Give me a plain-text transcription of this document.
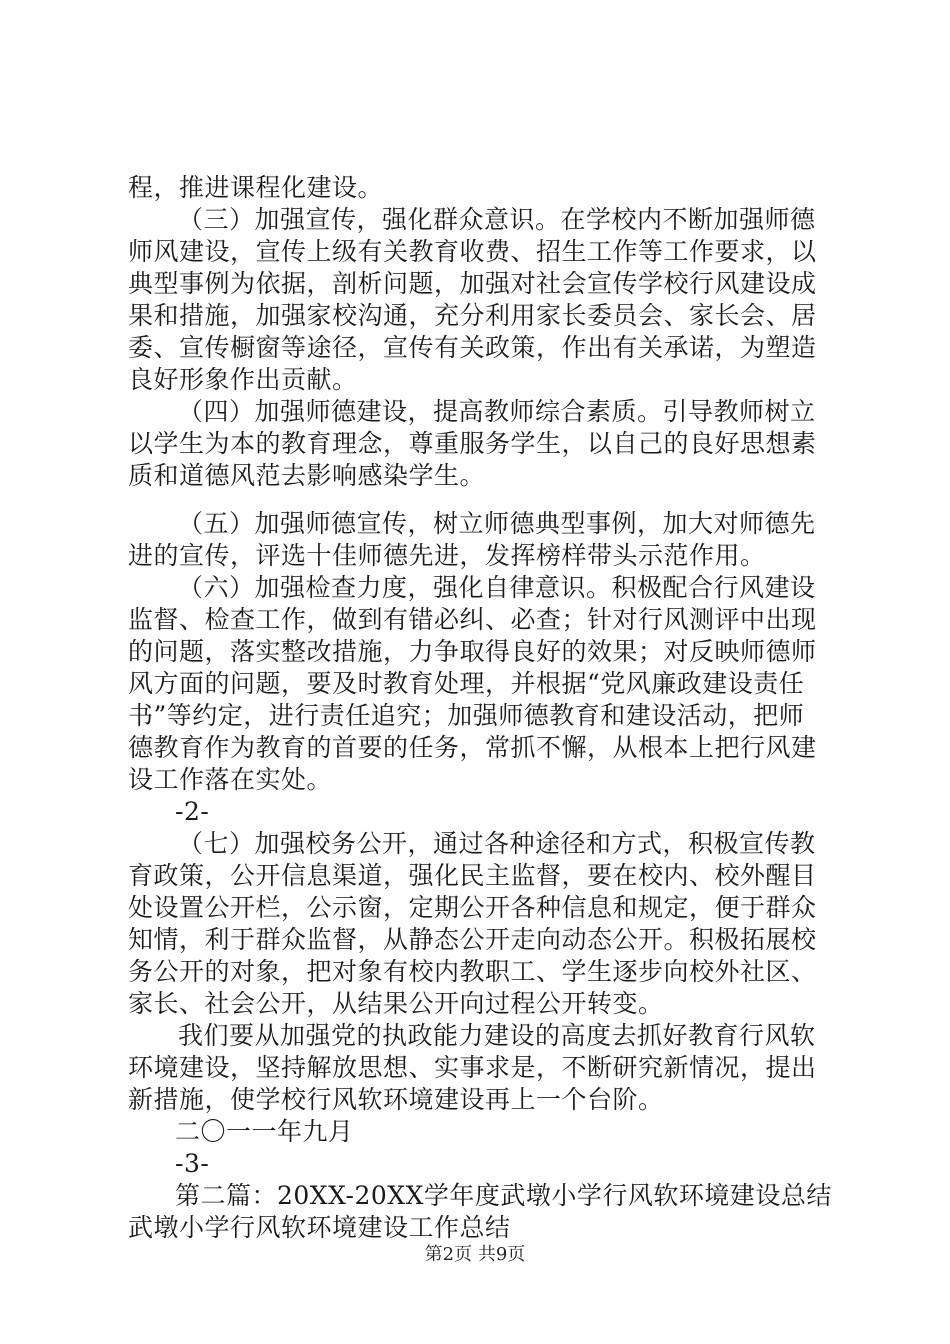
程，推进课程化建设。
（三）加强宣传，强化群众意识。在学校内不断加强师德
师风建设，宣传上级有关教育收费、招生工作等工作要求，以
典型事例为依据，剖析问题，加强对社会宣传学校行风建设成
果和措施，加强家校沟通，充分利用家长委员会、家长会、居
委、宣传橱窗等途径，宣传有关政策，作出有关承诺，为塑造
良好形象作出贡献。
（四）加强师德建设，提高教师综合素质。引导教师树立
以学生为本的教育理念，尊重服务学生，以自己的良好思想素
质和道德风范去影响感染学生。
（五）加强师德宣传，树立师德典型事例，加大对师德先
进的宣传，评选十佳师德先进，发挥榜样带头示范作用。
（六）加强检查力度，强化自律意识。积极配合行风建设
监督、检查工作，做到有错必纠、必查；针对行风测评中出现
的问题，落实整改措施，力争取得良好的效果；对反映师德师
风方面的问题，要及时教育处理，并根据“党风廉政建设责任
书”等约定，进行责任追究；加强师德教育和建设活动，把师
德教育作为教育的首要的任务，常抓不懈，从根本上把行风建
设工作落在实处。
-2-
（七）加强校务公开，通过各种途径和方式，积极宣传教
育政策，公开信息渠道，强化民主监督，要在校内、校外醒目
处设置公开栏，公示窗，定期公开各种信息和规定，便于群众
知情，利于群众监督，从静态公开走向动态公开。积极拓展校
务公开的对象，把对象有校内教职工、学生逐步向校外社区、
家长、社会公开，从结果公开向过程公开转变。
我们要从加强党的执政能力建设的高度去抓好教育行风软
环境建设，坚持解放思想、实事求是，不断研究新情况，提出
新措施，使学校行风软环境建设再上一个台阶。
二〇一一年九月
-3-
第二篇：20XX-20XX学年度武墩小学行风软环境建设总结
武墩小学行风软环境建设工作总结
第2页 共9页
